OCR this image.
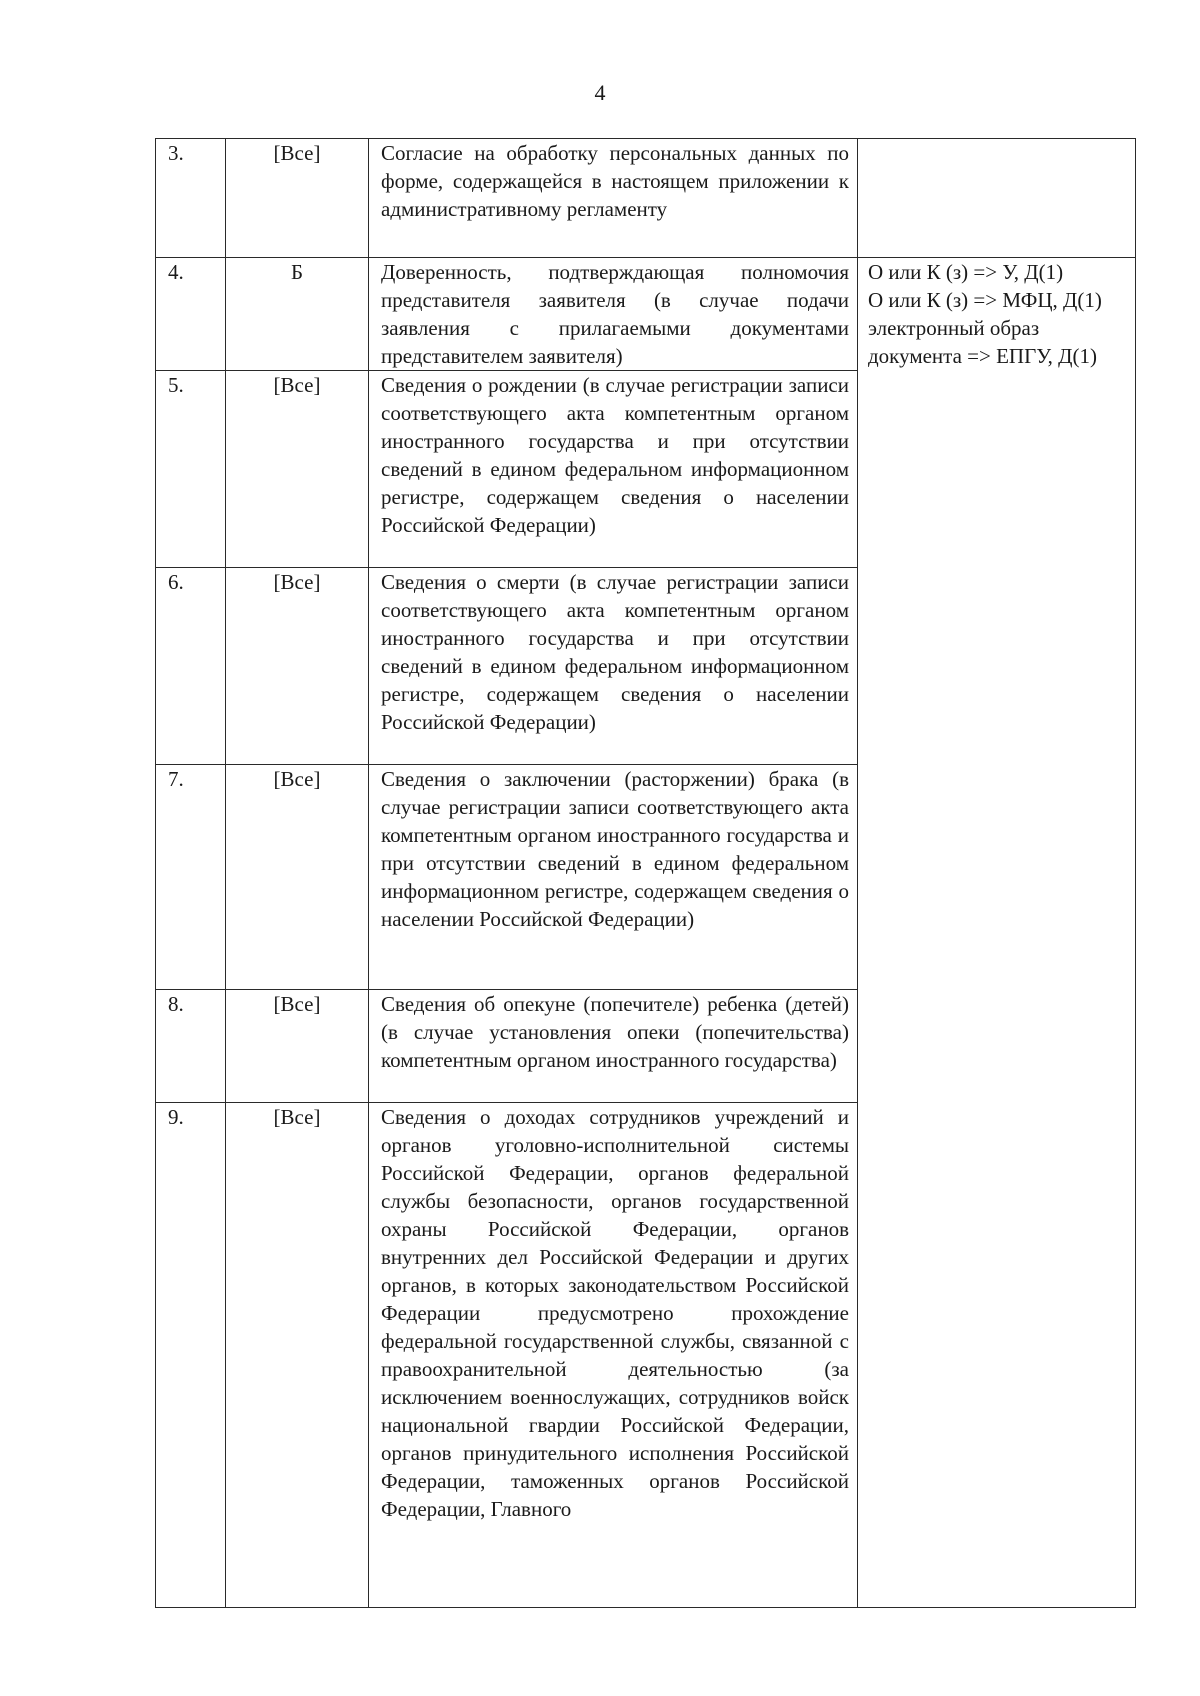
4
3.	[Все]	Согласие на обработку персональных данных по форме, содержащейся в настоящем приложении к административному регламенту	
4.	Б	Доверенность, подтверждающая полномочия представителя заявителя (в случае подачи заявления с прилагаемыми документами представителем заявителя)	О или К (з) => У, Д(1)
О или К (з) => МФЦ, Д(1)
электронный образ
документа => ЕПГУ, Д(1)

5.	[Все]	Сведения о рождении (в случае регистрации записи соответствующего акта компетентным органом иностранного государства и при отсутствии сведений в едином федеральном информационном регистре, содержащем сведения о населении Российской Федерации)	
6.	[Все]	Сведения о смерти (в случае регистрации записи соответствующего акта компетентным органом иностранного государства и при отсутствии сведений в едином федеральном информационном регистре, содержащем сведения о населении Российской Федерации)	
7.	[Все]	Сведения о заключении (расторжении) брака (в случае регистрации записи соответствующего акта компетентным органом иностранного государства и при отсутствии сведений в едином федеральном информационном регистре, содержащем сведения о населении Российской Федерации)	
8.	[Все]	Сведения об опекуне (попечителе) ребенка (детей) (в случае установления опеки (попечительства) компетентным органом иностранного государства)	
9.	[Все]	Сведения о доходах сотрудников учреждений и органов уголовно-исполнительной системы Российской Федерации, органов федеральной службы безопасности, органов государственной охраны Российской Федерации, органов внутренних дел Российской Федерации и других органов, в которых законодательством Российской Федерации предусмотрено прохождение федеральной государственной службы, связанной с правоохранительной деятельностью (за исключением военнослужащих, сотрудников войск национальной гвардии Российской Федерации, органов принудительного исполнения Российской Федерации, таможенных органов Российской Федерации, Главного	
